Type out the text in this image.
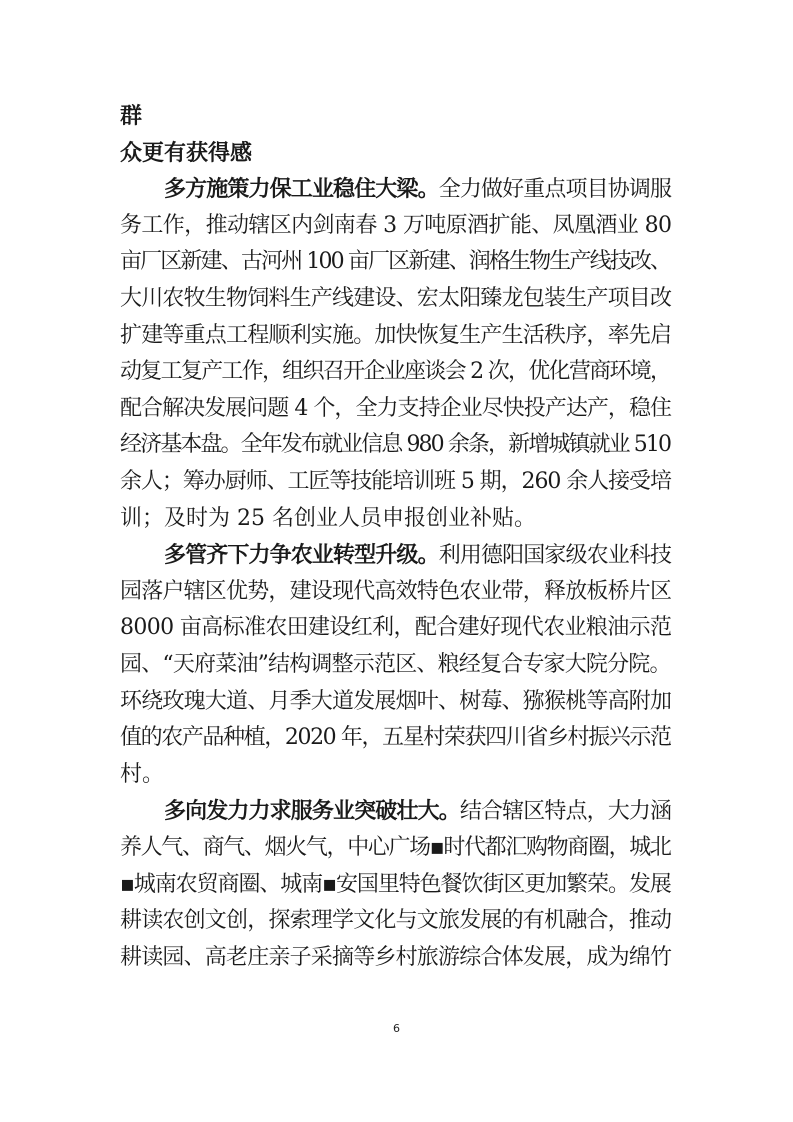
群
众更有获得感
多方施策力保工业稳住大梁。全力做好重点项目协调服
务工作，推动辖区内剑南春 3 万吨原酒扩能、凤凰酒业 80
亩厂区新建、古河州 100 亩厂区新建、润格生物生产线技改、
大川农牧生物饲料生产线建设、宏太阳臻龙包装生产项目改
扩建等重点工程顺利实施。加快恢复生产生活秩序，率先启
动复工复产工作，组织召开企业座谈会 2 次，优化营商环境，
配合解决发展问题 4 个，全力支持企业尽快投产达产，稳住
经济基本盘。全年发布就业信息 980 余条，新增城镇就业 510
余人；筹办厨师、工匠等技能培训班 5 期，260 余人接受培
训；及时为 25 名创业人员申报创业补贴。
多管齐下力争农业转型升级。利用德阳国家级农业科技
园落户辖区优势，建设现代高效特色农业带，释放板桥片区
8000 亩高标准农田建设红利，配合建好现代农业粮油示范
园、“天府菜油”结构调整示范区、粮经复合专家大院分院。
环绕玫瑰大道、月季大道发展烟叶、树莓、猕猴桃等高附加
值的农产品种植，2020 年，五星村荣获四川省乡村振兴示范
村。
多向发力力求服务业突破壮大。结合辖区特点，大力涵
养人气、商气、烟火气，中心广场▪时代都汇购物商圈，城北
▪城南农贸商圈、城南▪安国里特色餐饮街区更加繁荣。发展
耕读农创文创，探索理学文化与文旅发展的有机融合，推动
耕读园、高老庄亲子采摘等乡村旅游综合体发展，成为绵竹
6
